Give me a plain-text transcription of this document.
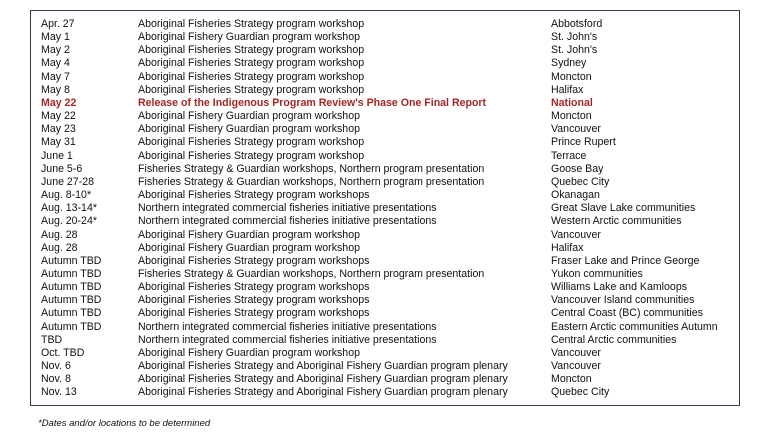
Apr. 27	Aboriginal Fisheries Strategy program workshop	Abbotsford
May 1	Aboriginal Fishery Guardian program workshop	St. John's
May 2	Aboriginal Fisheries Strategy program workshop	St. John's
May 4	Aboriginal Fisheries Strategy program workshop	Sydney
May 7	Aboriginal Fisheries Strategy program workshop	Moncton
May 8	Aboriginal Fisheries Strategy program workshop	Halifax
May 22	Release of the Indigenous Program Review's Phase One Final Report	National
May 22	Aboriginal Fishery Guardian program workshop	Moncton
May 23	Aboriginal Fishery Guardian program workshop	Vancouver
May 31	Aboriginal Fisheries Strategy program workshop	Prince Rupert
June 1	Aboriginal Fisheries Strategy program workshop	Terrace
June 5-6	Fisheries Strategy & Guardian workshops, Northern program presentation	Goose Bay
June 27-28	Fisheries Strategy & Guardian workshops, Northern program presentation	Quebec City
Aug. 8-10*	Aboriginal Fisheries Strategy program workshops	Okanagan
Aug. 13-14*	Northern integrated commercial fisheries initiative presentations	Great Slave Lake communities
Aug. 20-24*	Northern integrated commercial fisheries initiative presentations	Western Arctic communities
Aug. 28	Aboriginal Fishery Guardian program workshop	Vancouver
Aug. 28	Aboriginal Fishery Guardian program workshop	Halifax
Autumn TBD	Aboriginal Fisheries Strategy program workshops	Fraser Lake and Prince George
Autumn TBD	Fisheries Strategy & Guardian workshops, Northern program presentation	Yukon communities
Autumn TBD	Aboriginal Fisheries Strategy program workshops	Williams Lake and Kamloops
Autumn TBD	Aboriginal Fisheries Strategy program workshops	Vancouver Island communities
Autumn TBD	Aboriginal Fisheries Strategy program workshops	Central Coast (BC) communities
Autumn TBD	Northern integrated commercial fisheries initiative presentations	Eastern Arctic communities Autumn
TBD	Northern integrated commercial fisheries initiative presentations	Central Arctic communities
Oct. TBD	Aboriginal Fishery Guardian program workshop	Vancouver
Nov. 6	Aboriginal Fisheries Strategy and Aboriginal Fishery Guardian program plenary	Vancouver
Nov. 8	Aboriginal Fisheries Strategy and Aboriginal Fishery Guardian program plenary	Moncton
Nov. 13	Aboriginal Fisheries Strategy and Aboriginal Fishery Guardian program plenary	Quebec City
*Dates and/or locations to be determined
